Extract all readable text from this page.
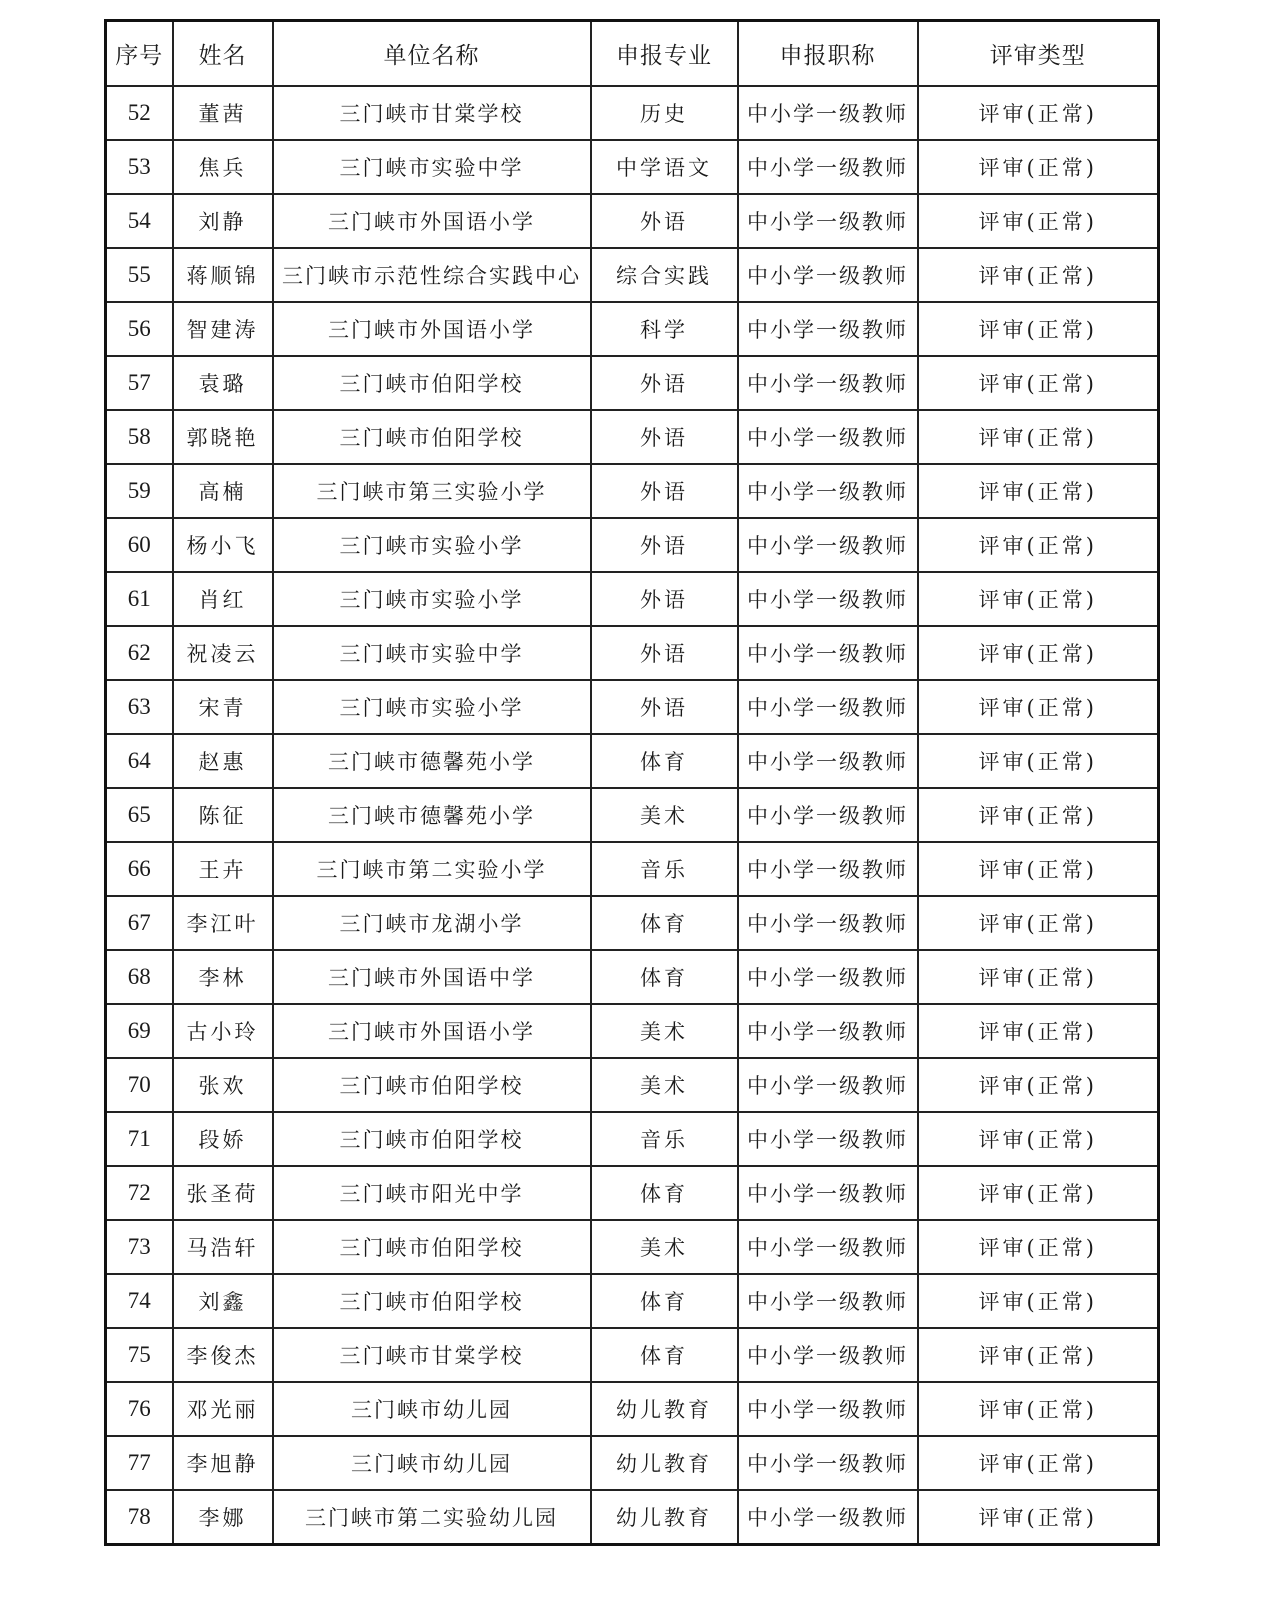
序号	姓名	单位名称	申报专业	申报职称	评审类型
52	董茜	三门峡市甘棠学校	历史	中小学一级教师	评审(正常)
53	焦兵	三门峡市实验中学	中学语文	中小学一级教师	评审(正常)
54	刘静	三门峡市外国语小学	外语	中小学一级教师	评审(正常)
55	蒋顺锦	三门峡市示范性综合实践中心	综合实践	中小学一级教师	评审(正常)
56	智建涛	三门峡市外国语小学	科学	中小学一级教师	评审(正常)
57	袁璐	三门峡市伯阳学校	外语	中小学一级教师	评审(正常)
58	郭晓艳	三门峡市伯阳学校	外语	中小学一级教师	评审(正常)
59	高楠	三门峡市第三实验小学	外语	中小学一级教师	评审(正常)
60	杨小飞	三门峡市实验小学	外语	中小学一级教师	评审(正常)
61	肖红	三门峡市实验小学	外语	中小学一级教师	评审(正常)
62	祝凌云	三门峡市实验中学	外语	中小学一级教师	评审(正常)
63	宋青	三门峡市实验小学	外语	中小学一级教师	评审(正常)
64	赵惠	三门峡市德馨苑小学	体育	中小学一级教师	评审(正常)
65	陈征	三门峡市德馨苑小学	美术	中小学一级教师	评审(正常)
66	王卉	三门峡市第二实验小学	音乐	中小学一级教师	评审(正常)
67	李江叶	三门峡市龙湖小学	体育	中小学一级教师	评审(正常)
68	李林	三门峡市外国语中学	体育	中小学一级教师	评审(正常)
69	古小玲	三门峡市外国语小学	美术	中小学一级教师	评审(正常)
70	张欢	三门峡市伯阳学校	美术	中小学一级教师	评审(正常)
71	段娇	三门峡市伯阳学校	音乐	中小学一级教师	评审(正常)
72	张圣荷	三门峡市阳光中学	体育	中小学一级教师	评审(正常)
73	马浩轩	三门峡市伯阳学校	美术	中小学一级教师	评审(正常)
74	刘鑫	三门峡市伯阳学校	体育	中小学一级教师	评审(正常)
75	李俊杰	三门峡市甘棠学校	体育	中小学一级教师	评审(正常)
76	邓光丽	三门峡市幼儿园	幼儿教育	中小学一级教师	评审(正常)
77	李旭静	三门峡市幼儿园	幼儿教育	中小学一级教师	评审(正常)
78	李娜	三门峡市第二实验幼儿园	幼儿教育	中小学一级教师	评审(正常)
